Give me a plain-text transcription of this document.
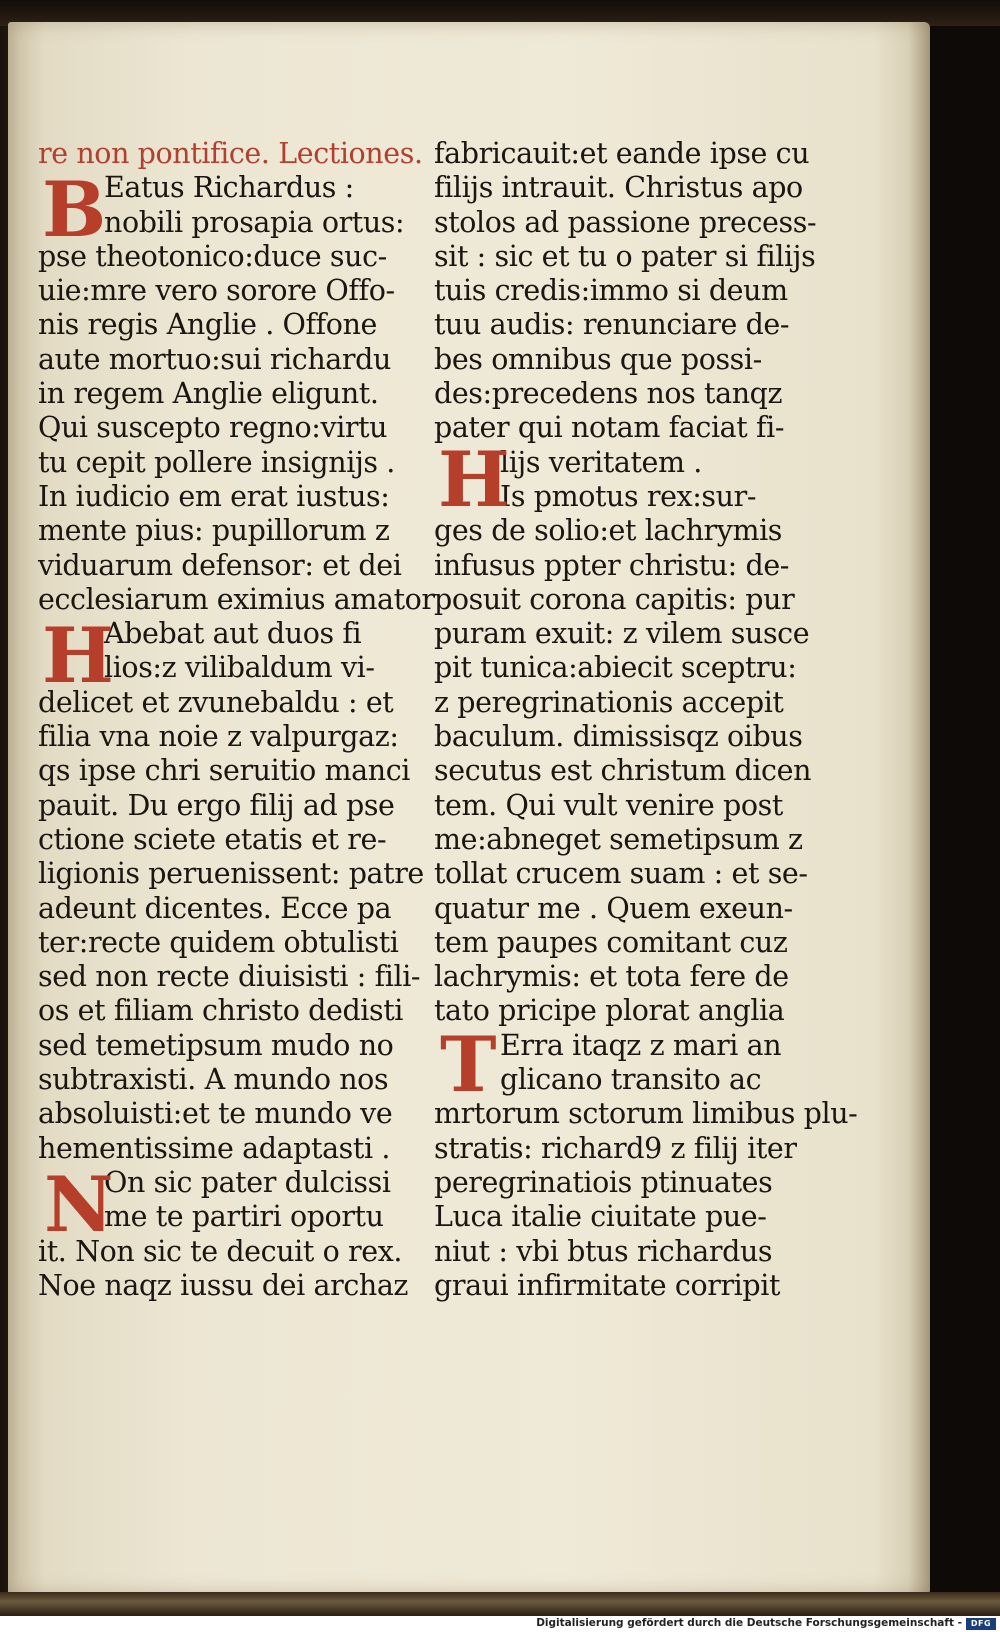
re non pontifice. Lectiones.
Eatus Richardus :
nobili prosapia ortus:
pse theotonico:duce suc-
uie:mre vero sorore Offo-
nis regis Anglie . Offone
aute mortuo:sui richardu
in regem Anglie eligunt.
Qui suscepto regno:virtu
tu cepit pollere insignijs .
In iudicio em erat iustus:
mente pius: pupillorum z
viduarum defensor: et dei
ecclesiarum eximius amator
Abebat aut duos fi
lios:z vilibaldum vi-
delicet et zvunebaldu : et
filia vna noie z valpurgaz:
qs ipse chri seruitio manci
pauit. Du ergo filij ad pse
ctione sciete etatis et re-
ligionis peruenissent: patre
adeunt dicentes. Ecce pa
ter:recte quidem obtulisti
sed non recte diuisisti : fili-
os et filiam christo dedisti
sed temetipsum mudo no
subtraxisti. A mundo nos
absoluisti:et te mundo ve
hementissime adaptasti .
On sic pater dulcissi
me te partiri oportu
it. Non sic te decuit o rex.
Noe naqz iussu dei archaz
B
H
N
fabricauit:et eande ipse cu
filijs intrauit. Christus apo
stolos ad passione precess-
sit : sic et tu o pater si filijs
tuis credis:immo si deum
tuu audis: renunciare de-
bes omnibus que possi-
des:precedens nos tanqz
pater qui notam faciat fi-
lijs veritatem .
Is pmotus rex:sur-
ges de solio:et lachrymis
infusus ppter christu: de-
posuit corona capitis: pur
puram exuit: z vilem susce
pit tunica:abiecit sceptru:
z peregrinationis accepit
baculum. dimissisqz oibus
secutus est christum dicen
tem. Qui vult venire post
me:abneget semetipsum z
tollat crucem suam : et se-
quatur me . Quem exeun-
tem paupes comitant cuz
lachrymis: et tota fere de
tato pricipe plorat anglia
Erra itaqz z mari an
glicano transito ac
mrtorum sctorum limibus plu-
stratis: richard9 z filij iter
peregrinatiois ptinuates
Luca italie ciuitate pue-
niut : vbi btus richardus
graui infirmitate corripit
H
T
Digitalisierung gefördert durch die Deutsche Forschungsgemeinschaft -	DFG
